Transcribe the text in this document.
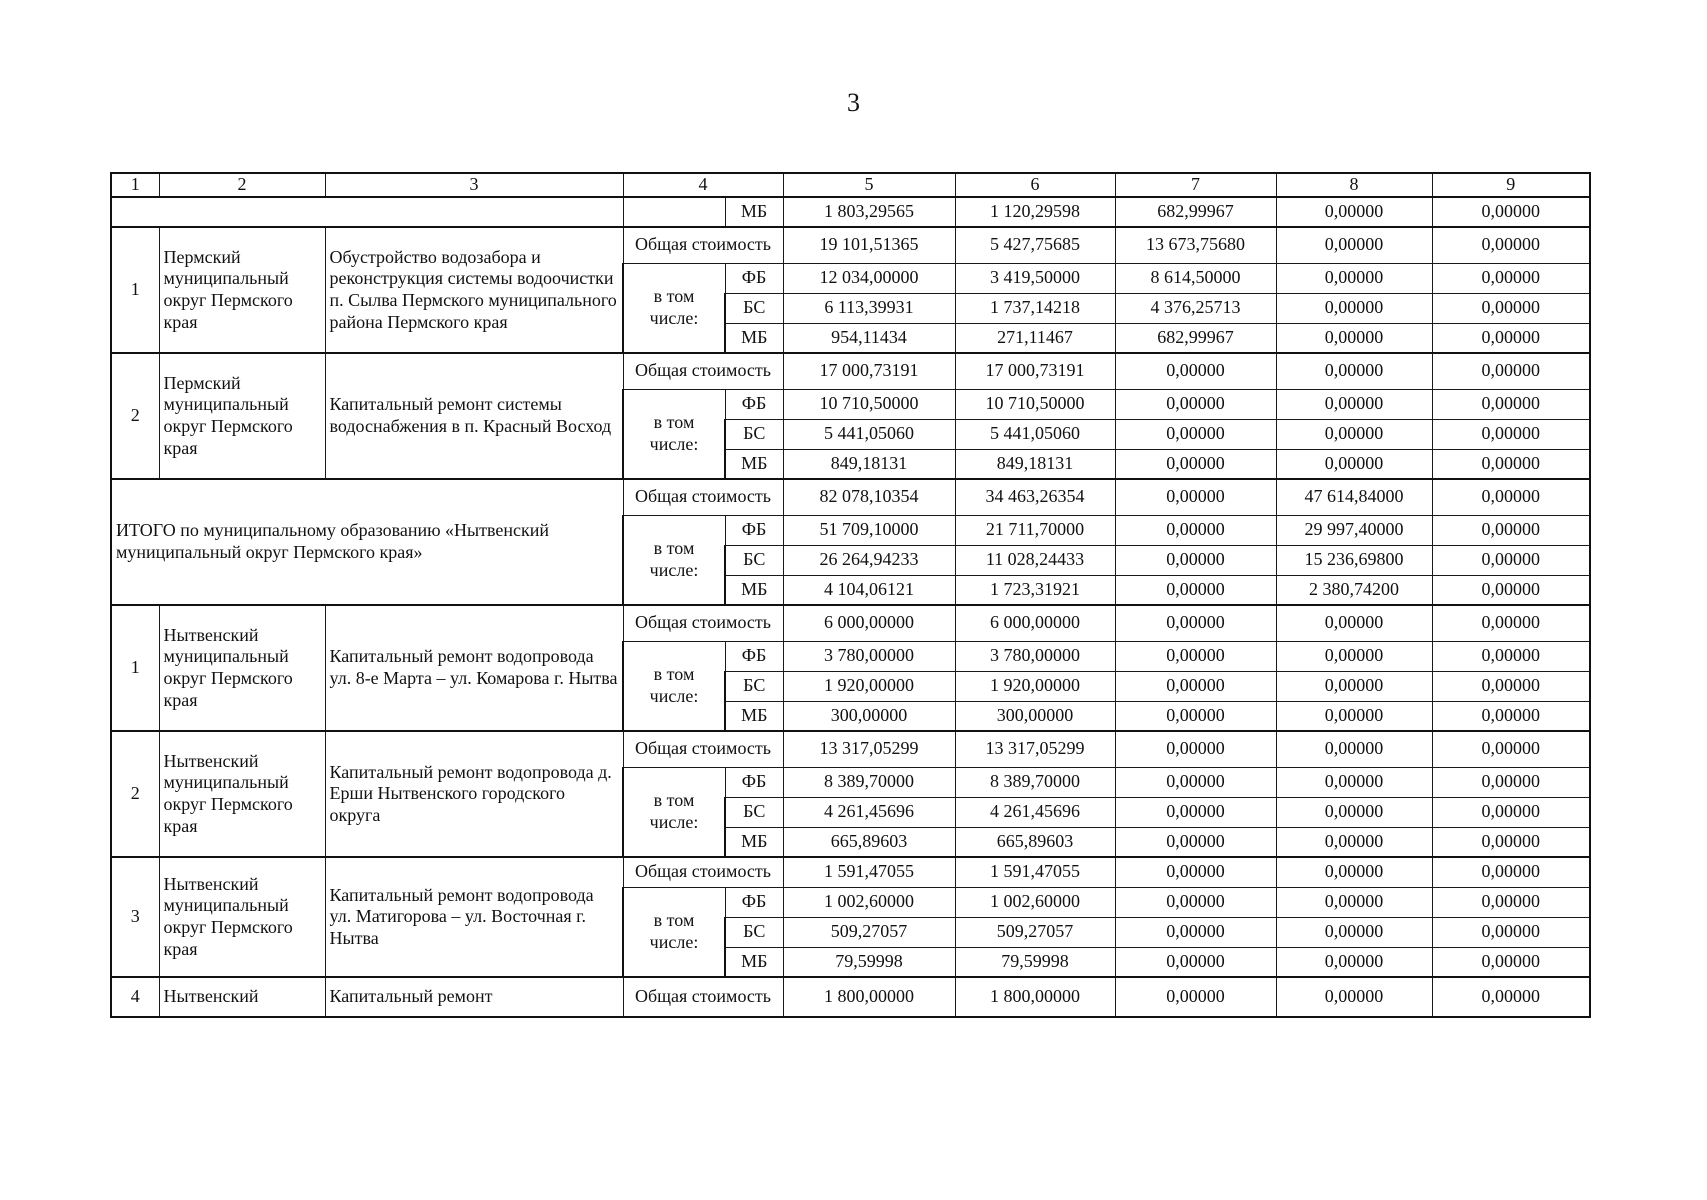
3
1	2	3	4		5	6	7	8	9
				МБ	1 803,29565	1 120,29598	682,99967	0,00000	0,00000
1	Пермский муниципальный округ Пермского края	Обустройство водозабора и реконструкция системы водоочистки п. Сылва Пермского муниципального района Пермского края	Общая стоимость		19 101,51365	5 427,75685	13 673,75680	0,00000	0,00000
			в том числе:	ФБ	12 034,00000	3 419,50000	8 614,50000	0,00000	0,00000
				БС	6 113,39931	1 737,14218	4 376,25713	0,00000	0,00000
				МБ	954,11434	271,11467	682,99967	0,00000	0,00000
2	Пермский муниципальный округ Пермского края	Капитальный ремонт системы водоснабжения в п. Красный Восход	Общая стоимость		17 000,73191	17 000,73191	0,00000	0,00000	0,00000
			в том числе:	ФБ	10 710,50000	10 710,50000	0,00000	0,00000	0,00000
				БС	5 441,05060	5 441,05060	0,00000	0,00000	0,00000
				МБ	849,18131	849,18131	0,00000	0,00000	0,00000
ИТОГО по муниципальному образованию «Нытвенский муниципальный округ Пермского края»			Общая стоимость		82 078,10354	34 463,26354	0,00000	47 614,84000	0,00000
			в том числе:	ФБ	51 709,10000	21 711,70000	0,00000	29 997,40000	0,00000
				БС	26 264,94233	11 028,24433	0,00000	15 236,69800	0,00000
				МБ	4 104,06121	1 723,31921	0,00000	2 380,74200	0,00000
1	Нытвенский муниципальный округ Пермского края	Капитальный ремонт водопровода ул. 8-е Марта – ул. Комарова г. Нытва	Общая стоимость		6 000,00000	6 000,00000	0,00000	0,00000	0,00000
			в том числе:	ФБ	3 780,00000	3 780,00000	0,00000	0,00000	0,00000
				БС	1 920,00000	1 920,00000	0,00000	0,00000	0,00000
				МБ	300,00000	300,00000	0,00000	0,00000	0,00000
2	Нытвенский муниципальный округ Пермского края	Капитальный ремонт водопровода д. Ерши Нытвенского городского округа	Общая стоимость		13 317,05299	13 317,05299	0,00000	0,00000	0,00000
			в том числе:	ФБ	8 389,70000	8 389,70000	0,00000	0,00000	0,00000
				БС	4 261,45696	4 261,45696	0,00000	0,00000	0,00000
				МБ	665,89603	665,89603	0,00000	0,00000	0,00000
3	Нытвенский муниципальный округ Пермского края	Капитальный ремонт водопровода ул. Матигорова – ул. Восточная г. Нытва	Общая стоимость		1 591,47055	1 591,47055	0,00000	0,00000	0,00000
			в том числе:	ФБ	1 002,60000	1 002,60000	0,00000	0,00000	0,00000
				БС	509,27057	509,27057	0,00000	0,00000	0,00000
				МБ	79,59998	79,59998	0,00000	0,00000	0,00000
4	Нытвенский	Капитальный ремонт	Общая стоимость		1 800,00000	1 800,00000	0,00000	0,00000	0,00000
